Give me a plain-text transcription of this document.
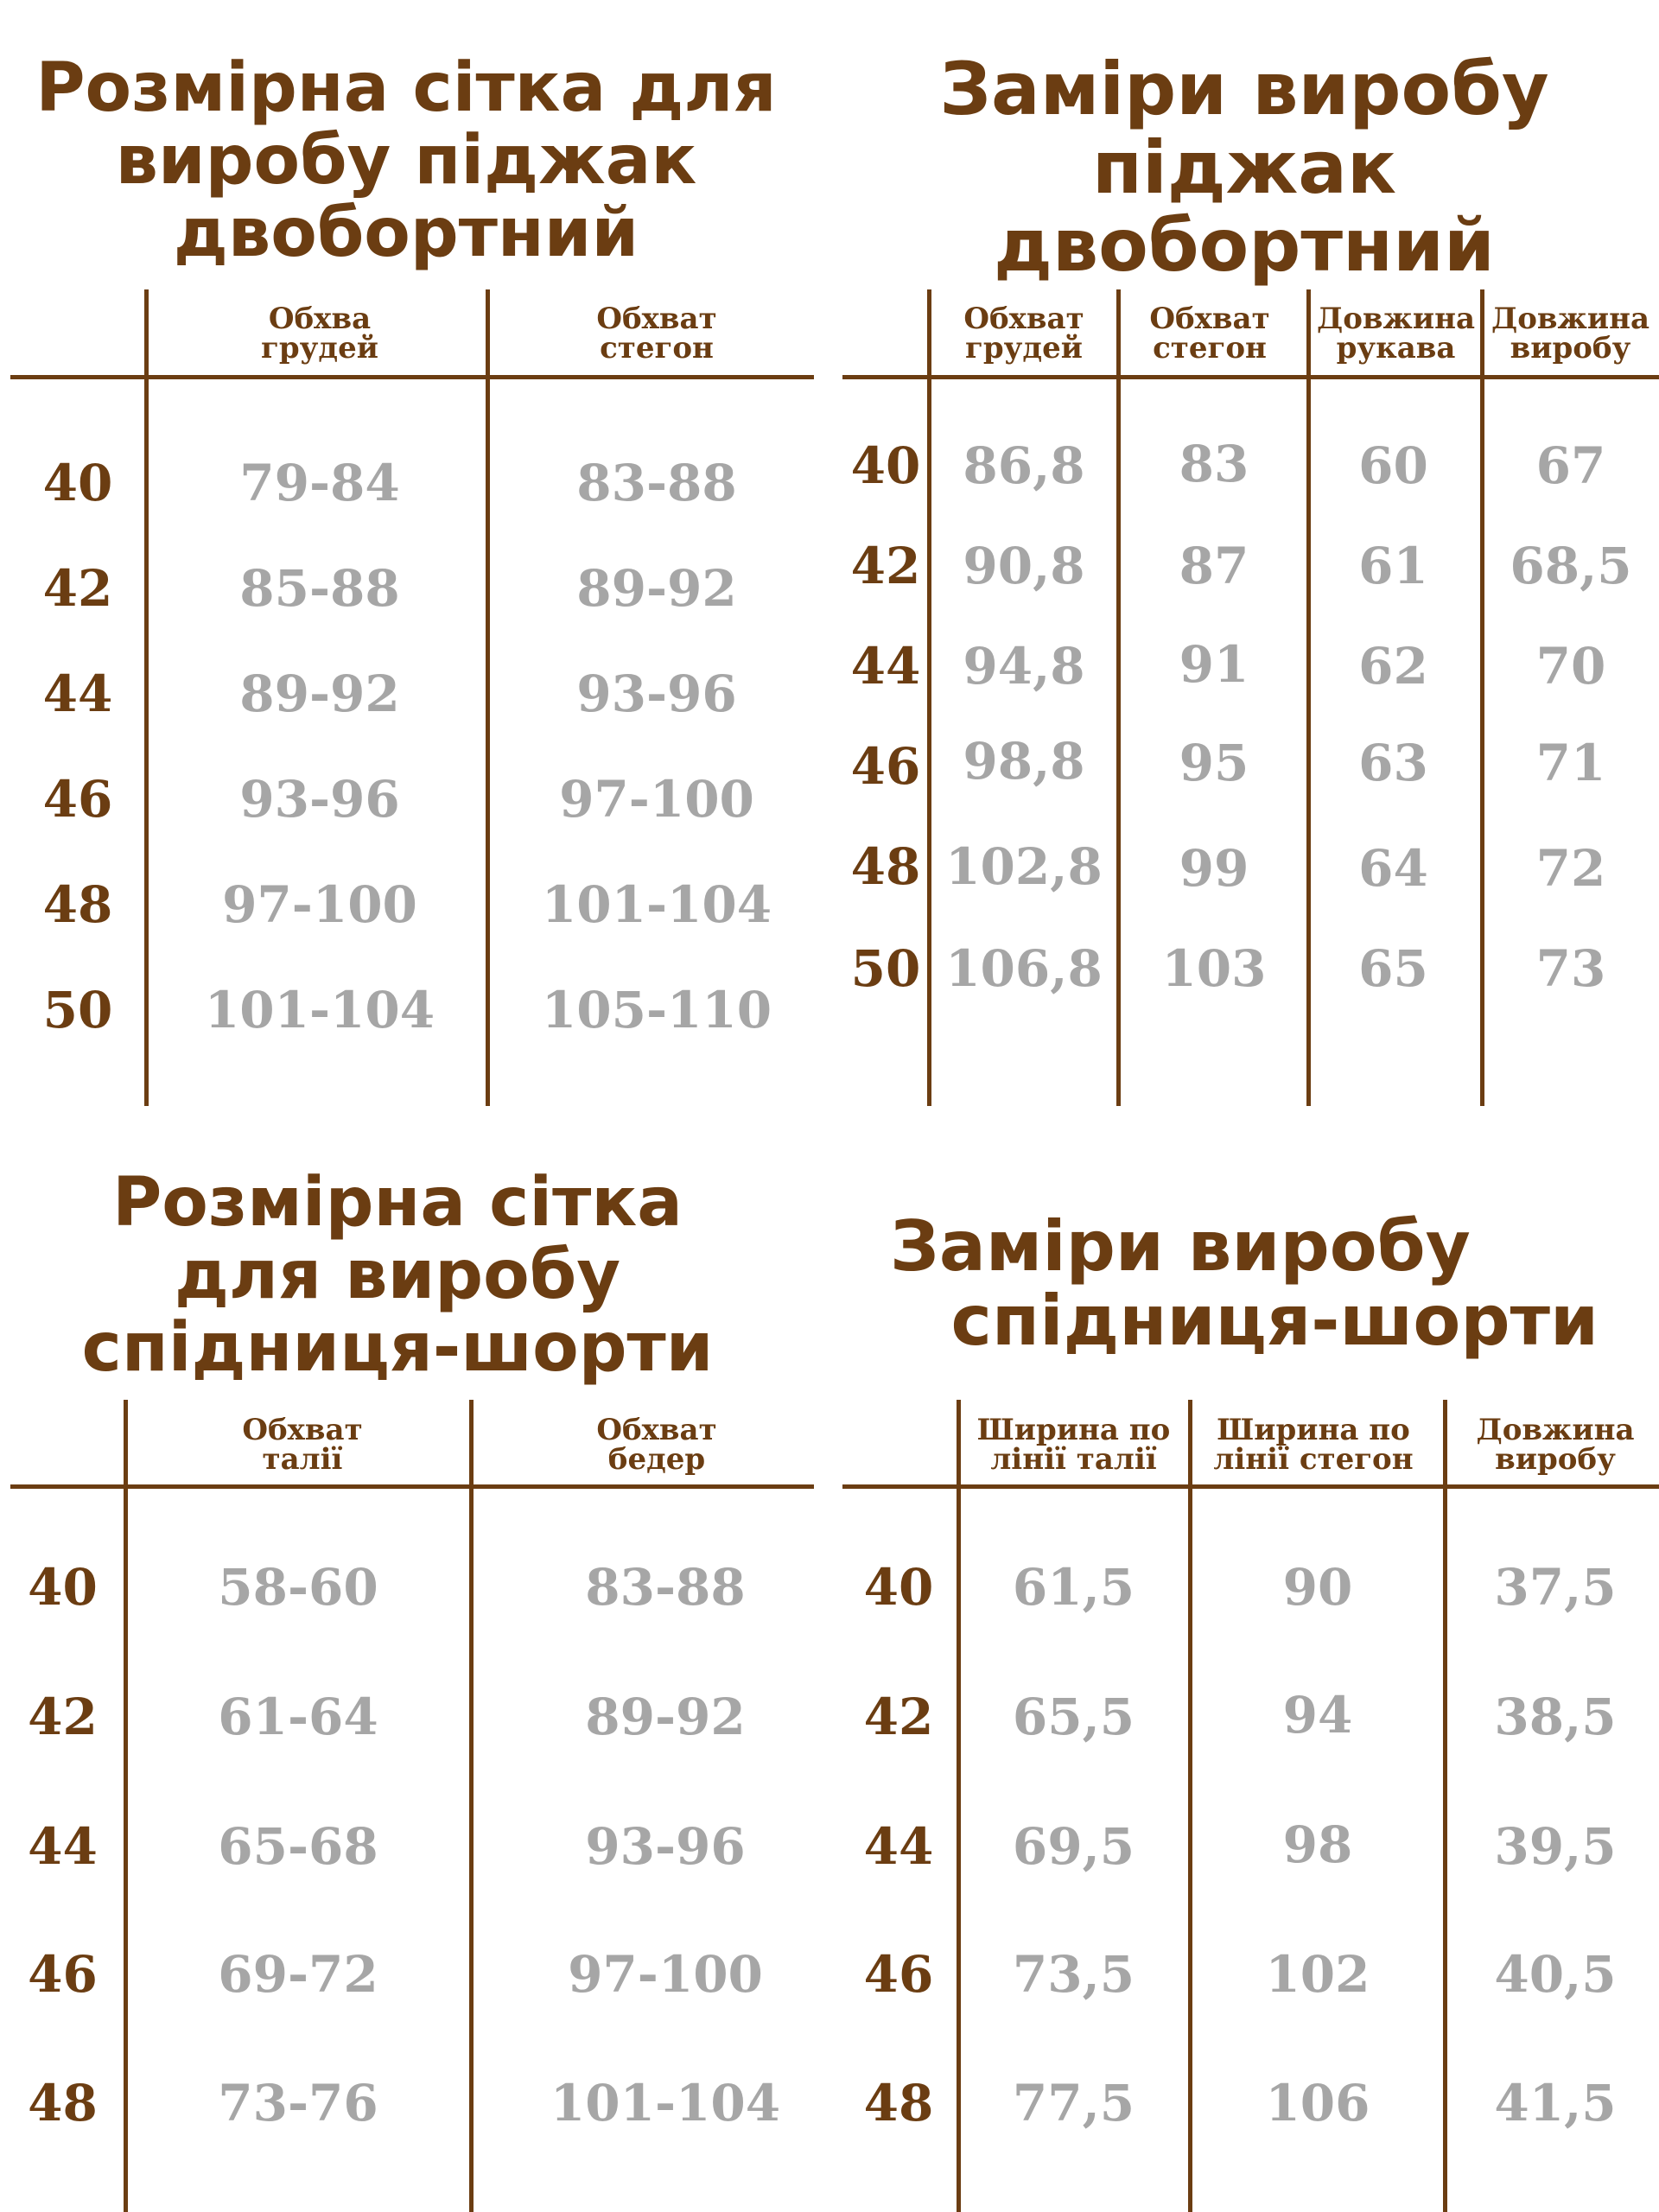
Розмірна сітка для
виробу піджак
двобортний
Обхва
грудей
Обхват
стегон
40	79-84	83-88
42	85-88	89-92
44	89-92	93-96
46	93-96	97-100
48	97-100	101-104
50	101-104	105-110
Заміри виробу
піджак двобортний
Обхват
грудей
Обхват
стегон
Довжина
рукава
Довжина
виробу
40 86,8	83	60	67
42 90,8	87	61	68,5
44 94,8	91	62	70
46 98,8	95	63	71
48 102,8	99	64	72
50 106,8	103	65	73
Розмірна сітка
для виробу
спідниця-шорти
Обхват
талії
Обхват
бедер
40	58-60	83-88
42	61-64	89-92
44	65-68	93-96
46	69-72	97-100
48	73-76	101-104
Заміри виробу
спідниця-шорти
Ширина по
лінії талії
Ширина по
лінії стегон
Довжина
виробу
40	61,5	90	37,5
42	65,5	94	38,5
44	69,5	98	39,5
46	73,5	102	40,5
48	77,5	106	41,5
